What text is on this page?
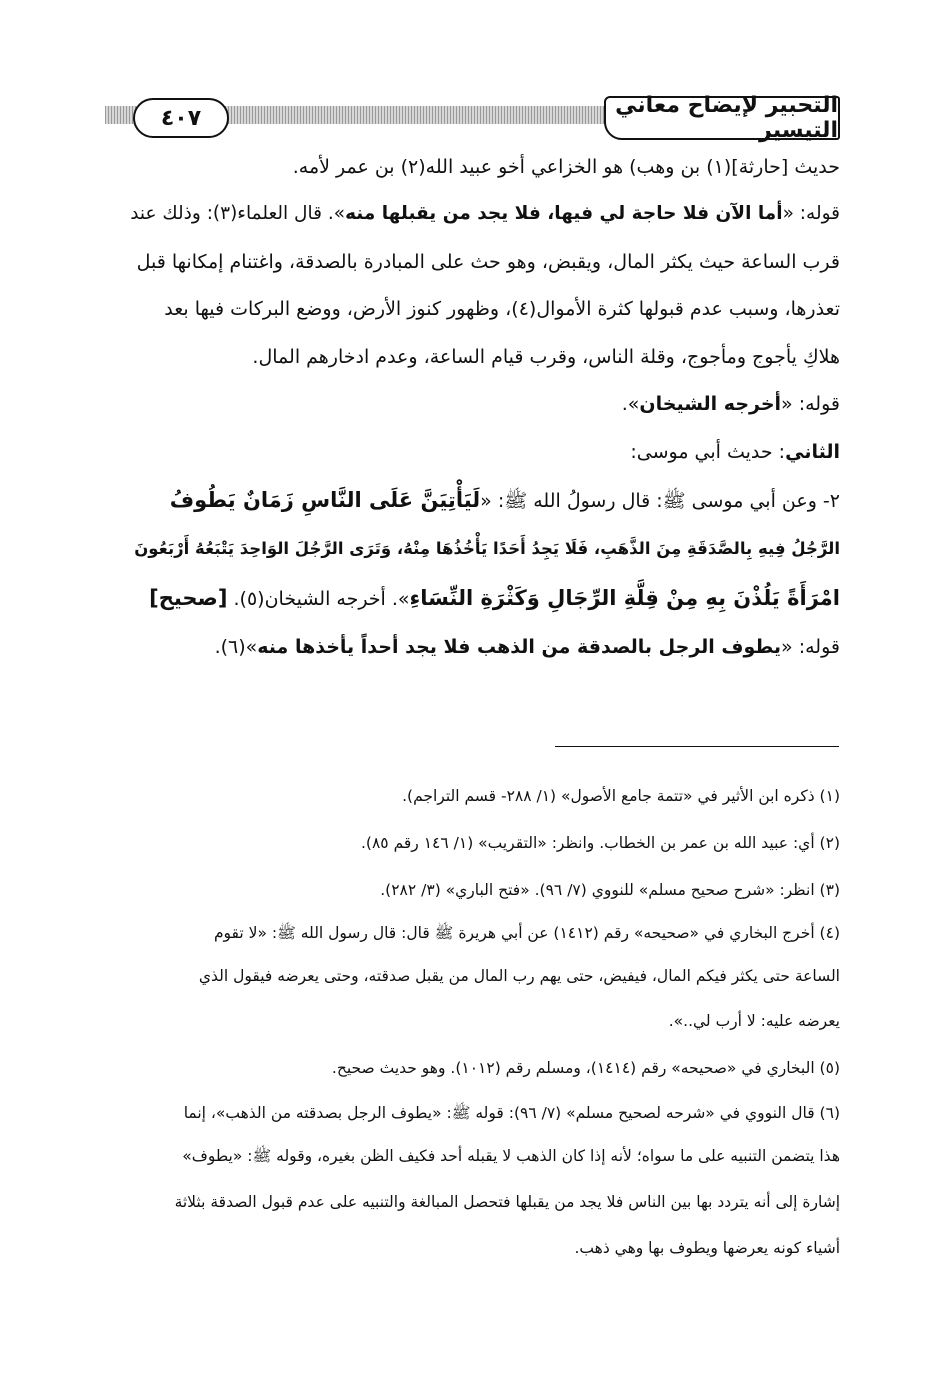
٤٠٧	التحبير لإيضاح معاني التيسير
حديث [حارثة](١) بن وهب) هو الخزاعي أخو عبيد الله(٢) بن عمر لأمه.
قوله: «أما الآن فلا حاجة لي فيها، فلا يجد من يقبلها منه». قال العلماء(٣): وذلك عند
قرب الساعة حيث يكثر المال، ويقبض، وهو حث على المبادرة بالصدقة، واغتنام إمكانها قبل
تعذرها، وسبب عدم قبولها كثرة الأموال(٤)، وظهور كنوز الأرض، ووضع البركات فيها بعد
هلاكِ يأجوج ومأجوج، وقلة الناس، وقرب قيام الساعة، وعدم ادخارهم المال.
قوله: «أخرجه الشيخان».
الثاني: حديث أبي موسى:
٢- وعن أبي موسى ﷺ: قال رسولُ الله ﷺ: «لَيَأْتِيَنَّ عَلَى النَّاسِ زَمَانٌ يَطُوفُ
الرَّجُلُ فِيهِ بِالصَّدَقَةِ مِنَ الذَّهَبِ، فَلَا يَجِدُ أَحَدًا يَأْخُذُهَا مِنْهُ، وَتَرَى الرَّجُلَ الوَاحِدَ يَتْبَعُهُ أَرْبَعُونَ
امْرَأَةً يَلُذْنَ بِهِ مِنْ قِلَّةِ الرِّجَالِ وَكَثْرَةِ النِّسَاءِ». أخرجه الشيخان(٥). [صحيح]
قوله: «يطوف الرجل بالصدقة من الذهب فلا يجد أحداً يأخذها منه»(٦).
(١) ذكره ابن الأثير في «تتمة جامع الأصول» (١/ ٢٨٨- قسم التراجم).
(٢) أي: عبيد الله بن عمر بن الخطاب. وانظر: «التقريب» (١/ ١٤٦ رقم ٨٥).
(٣) انظر: «شرح صحيح مسلم» للنووي (٧/ ٩٦). «فتح الباري» (٣/ ٢٨٢).
(٤) أخرج البخاري في «صحيحه» رقم (١٤١٢) عن أبي هريرة ﷺ قال: قال رسول الله ﷺ: «لا تقوم
الساعة حتى يكثر فيكم المال، فيفيض، حتى يهم رب المال من يقبل صدقته، وحتى يعرضه فيقول الذي
يعرضه عليه: لا أرب لي..».
(٥) البخاري في «صحيحه» رقم (١٤١٤)، ومسلم رقم (١٠١٢). وهو حديث صحيح.
(٦) قال النووي في «شرحه لصحيح مسلم» (٧/ ٩٦): قوله ﷺ: «يطوف الرجل بصدقته من الذهب»، إنما
هذا يتضمن التنبيه على ما سواه؛ لأنه إذا كان الذهب لا يقبله أحد فكيف الظن بغيره، وقوله ﷺ: «يطوف»
إشارة إلى أنه يتردد بها بين الناس فلا يجد من يقبلها فتحصل المبالغة والتنبيه على عدم قبول الصدقة بثلاثة
أشياء كونه يعرضها ويطوف بها وهي ذهب.
